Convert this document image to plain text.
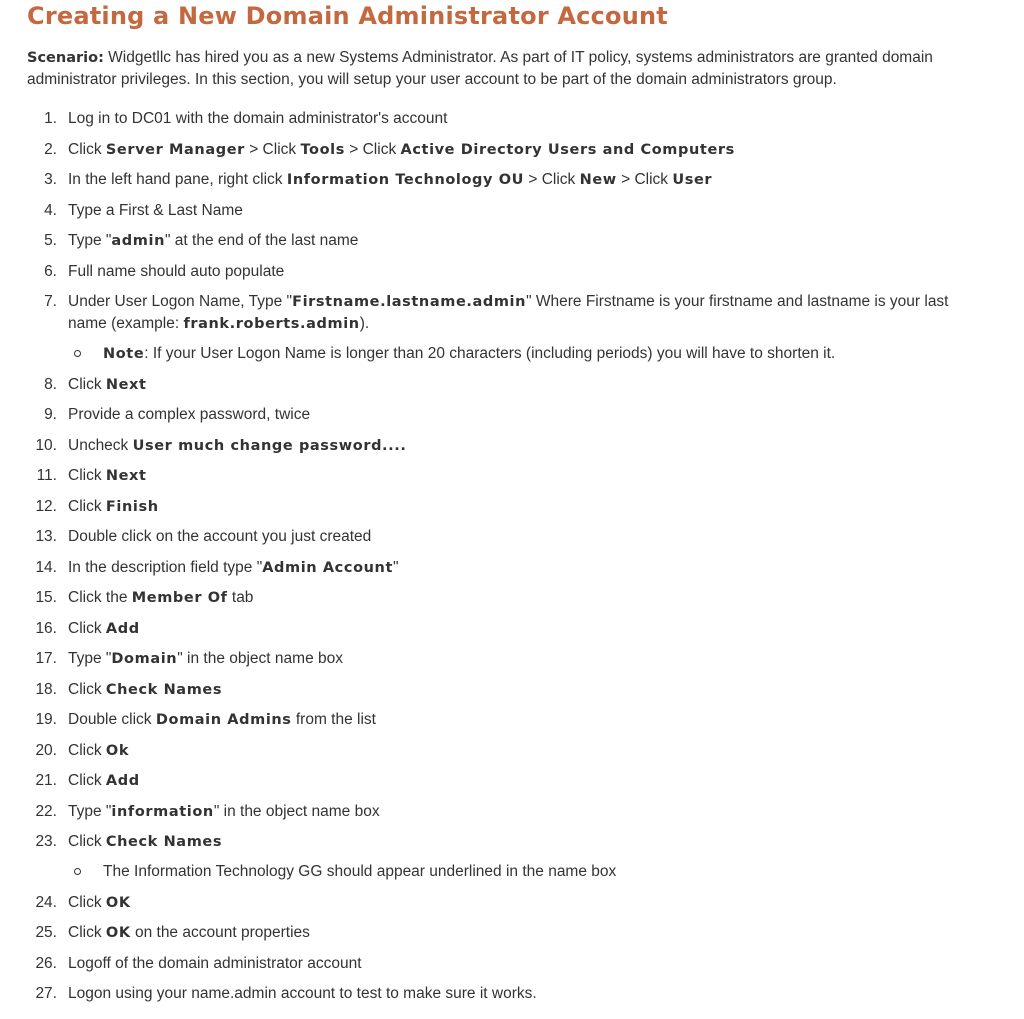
Creating a New Domain Administrator Account

Scenario: Widgetllc has hired you as a new Systems Administrator. As part of IT policy, systems administrators are granted domain administrator privileges. In this section, you will setup your user account to be part of the domain administrators group.

1. Log in to DC01 with the domain administrator's account
2. Click Server Manager > Click Tools > Click Active Directory Users and Computers
3. In the left hand pane, right click Information Technology OU > Click New > Click User
4. Type a First & Last Name
5. Type "admin" at the end of the last name
6. Full name should auto populate
7. Under User Logon Name, Type "Firstname.lastname.admin" Where Firstname is your firstname and lastname is your last name (example: frank.roberts.admin).
Note: If your User Logon Name is longer than 20 characters (including periods) you will have to shorten it.
8. Click Next
9. Provide a complex password, twice
10. Uncheck User much change password....
11. Click Next
12. Click Finish
13. Double click on the account you just created
14. In the description field type "Admin Account"
15. Click the Member Of tab
16. Click Add
17. Type "Domain" in the object name box
18. Click Check Names
19. Double click Domain Admins from the list
20. Click Ok
21. Click Add
22. Type "information" in the object name box
23. Click Check Names
The Information Technology GG should appear underlined in the name box
24. Click OK
25. Click OK on the account properties
26. Logoff of the domain administrator account
27. Logon using your name.admin account to test to make sure it works.
